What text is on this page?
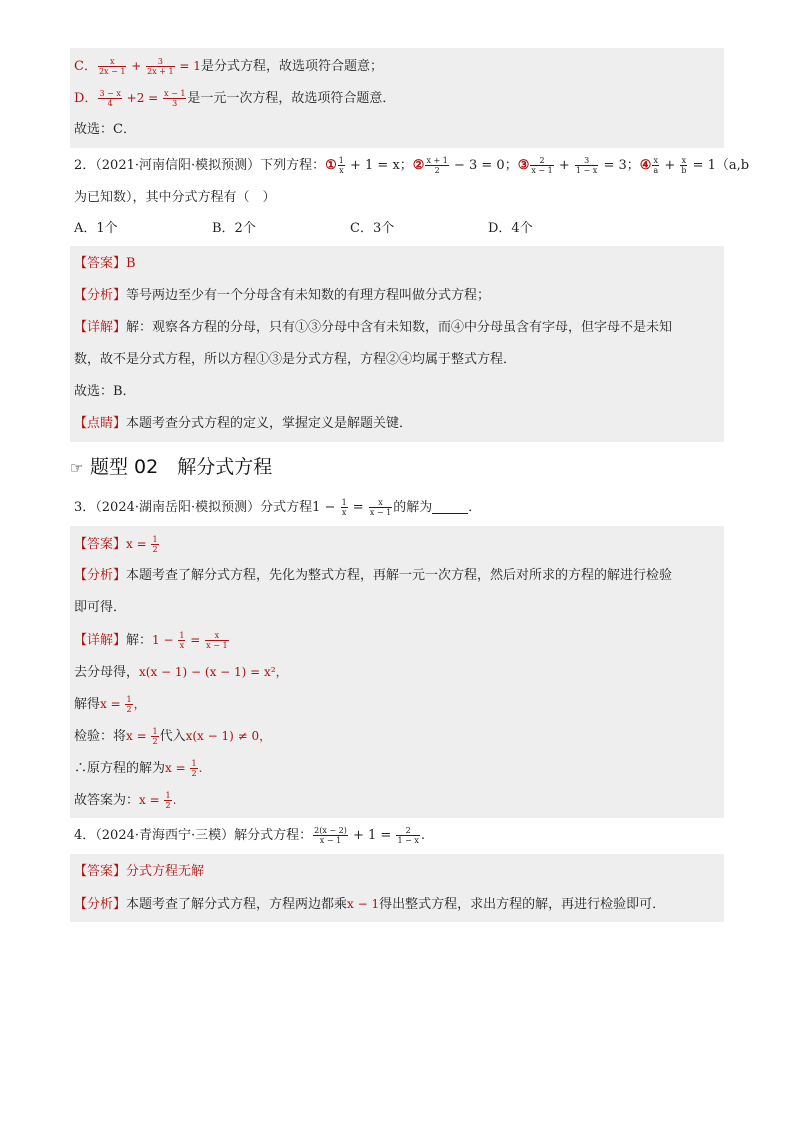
C． $\frac{x}{2x - 1} + \frac{3}{2x + 1} = 1$是分式方程，故选项符合题意；
D． $\frac{3 - x}{4} +2 = \frac{x - 1}{3}$ 是一元一次方程，故选项符合题意．
故选：C．
2．（2021·河南信阳·模拟预测）下列方程：① $\frac{1}{x} + 1 = x$；② $\frac{x + 1}{2} - 3 = 0$；③ $\frac{2}{x - 1} + \frac{3}{1 - x} = 3$；④ $\frac{x}{a} + \frac{x}{b} = 1(a,b$
为已知数），其中分式方程有（　）
A．1个	B．2个	C．3个	D．4个
【答案】B
【分析】等号两边至少有一个分母含有未知数的有理方程叫做分式方程；
【详解】解：观察各方程的分母，只有①③分母中含有未知数，而④中分母虽含有字母，但字母不是未知
数，故不是分式方程，所以方程①③是分式方程，方程②④均属于整式方程．
故选：B．
【点睛】本题考查分式方程的定义，掌握定义是解题关键．
☞ 题型 02　解分式方程
3．（2024·湖南岳阳·模拟预测）分式方程$1 - \frac{1}{x} = \frac{x}{x - 1}$ 的解为	．
【答案】$x = \frac{1}{2}$
【分析】本题考查了解分式方程，先化为整式方程，再解一元一次方程，然后对所求的方程的解进行检验
即可得．
【详解】解：$1 - \frac{1}{x} = \frac{x}{x - 1}$
去分母得，x(x − 1) − (x − 1) = x²，
解得$x = \frac{1}{2}$ ，
检验：将$x = \frac{1}{2}$ 代入x(x − 1) ≠ 0，
∴原方程的解为$x = \frac{1}{2}$ .
故答案为：$x = \frac{1}{2}$ .
4．（2024·青海西宁·三模）解分式方程： $\frac{2(x - 2)}{x - 1} + 1 = \frac{2}{1 - x}$ .
【答案】分式方程无解
【分析】本题考查了解分式方程，方程两边都乘x − 1得出整式方程，求出方程的解，再进行检验即可．
